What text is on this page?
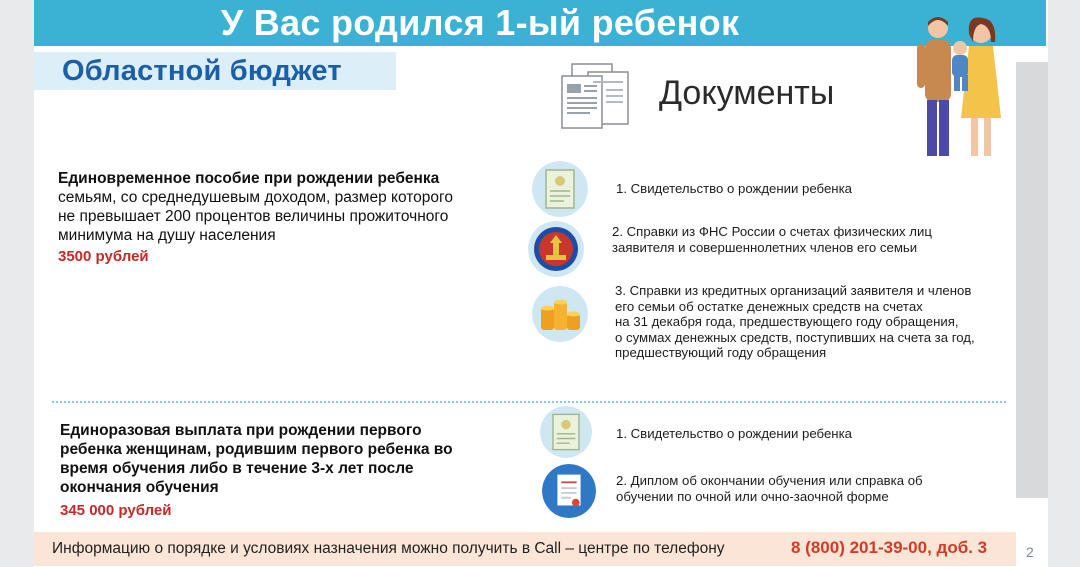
У Вас родился 1-ый ребенок
Областной бюджет
Документы
Единовременное пособие при рождении ребенка
семьям, со среднедушевым доходом, размер которого не превышает 200 процентов величины прожиточного минимума на душу населения
3500 рублей
1. Свидетельство о рождении ребенка
2. Справки из ФНС России о счетах физических лиц заявителя и совершеннолетних членов его семьи
3. Справки из кредитных организаций заявителя и членов его семьи об остатке денежных средств на счетах
на 31 декабря года, предшествующего году обращения,
о суммах денежных средств, поступивших на счета за год, предшествующий году обращения
Единоразовая выплата при рождении первого ребенка женщинам, родившим первого ребенка во время обучения либо в течение 3-х лет после окончания обучения
345 000 рублей
1. Свидетельство о рождении ребенка
2. Диплом об окончании обучения или справка об обучении по очной или очно-заочной форме
Информацию о порядке и условиях назначения можно получить в Call – центре по телефону	8 (800) 201-39-00, доб. 3	2
